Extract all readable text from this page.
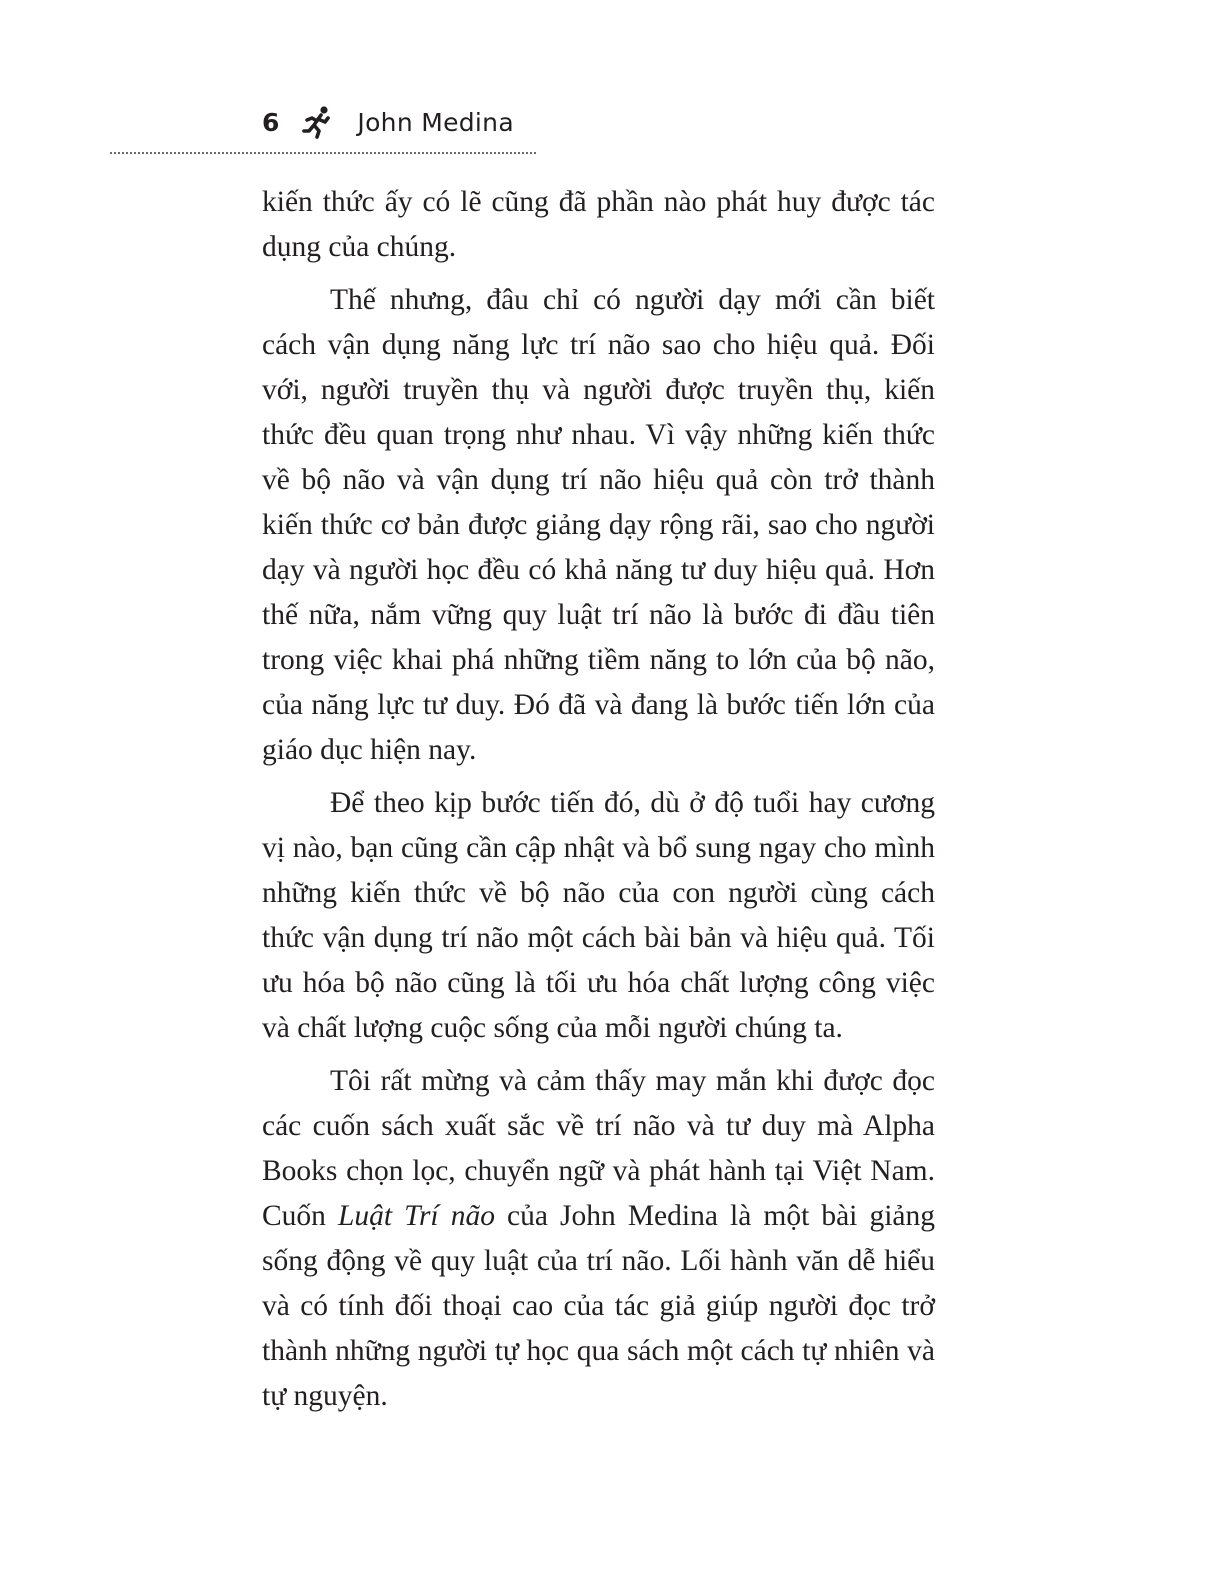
6	John Medina

kiến thức ấy có lẽ cũng đã phần nào phát huy được tác dụng của chúng.

Thế nhưng, đâu chỉ có người dạy mới cần biết cách vận dụng năng lực trí não sao cho hiệu quả. Đối với, người truyền thụ và người được truyền thụ, kiến thức đều quan trọng như nhau. Vì vậy những kiến thức về bộ não và vận dụng trí não hiệu quả còn trở thành kiến thức cơ bản được giảng dạy rộng rãi, sao cho người dạy và người học đều có khả năng tư duy hiệu quả. Hơn thế nữa, nắm vững quy luật trí não là bước đi đầu tiên trong việc khai phá những tiềm năng to lớn của bộ não, của năng lực tư duy. Đó đã và đang là bước tiến lớn của giáo dục hiện nay.

Để theo kịp bước tiến đó, dù ở độ tuổi hay cương vị nào, bạn cũng cần cập nhật và bổ sung ngay cho mình những kiến thức về bộ não của con người cùng cách thức vận dụng trí não một cách bài bản và hiệu quả. Tối ưu hóa bộ não cũng là tối ưu hóa chất lượng công việc và chất lượng cuộc sống của mỗi người chúng ta.

Tôi rất mừng và cảm thấy may mắn khi được đọc các cuốn sách xuất sắc về trí não và tư duy mà Alpha Books chọn lọc, chuyển ngữ và phát hành tại Việt Nam. Cuốn Luật Trí não của John Medina là một bài giảng sống động về quy luật của trí não. Lối hành văn dễ hiểu và có tính đối thoại cao của tác giả giúp người đọc trở thành những người tự học qua sách một cách tự nhiên và tự nguyện.
